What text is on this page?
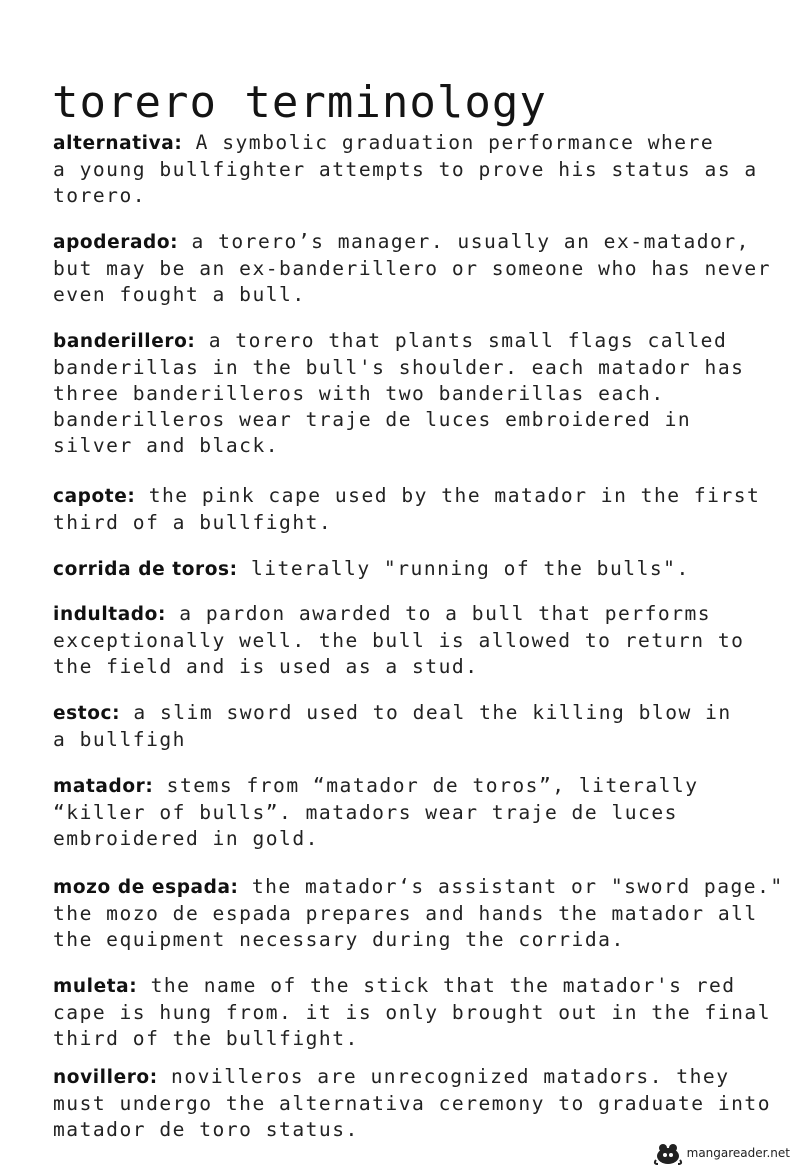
torero terminology

alternativa: A symbolic graduation performance where
a young bullfighter attempts to prove his status as a
torero.

apoderado: a torero’s manager. usually an ex-matador,
but may be an ex-banderillero or someone who has never
even fought a bull.

banderillero: a torero that plants small flags called
banderillas in the bull's shoulder. each matador has
three banderilleros with two banderillas each.
banderilleros wear traje de luces embroidered in
silver and black.

capote: the pink cape used by the matador in the first
third of a bullfight.

corrida de toros: literally "running of the bulls".

indultado: a pardon awarded to a bull that performs
exceptionally well. the bull is allowed to return to
the field and is used as a stud.

estoc: a slim sword used to deal the killing blow in
a bullfigh

matador: stems from “matador de toros”, literally
“killer of bulls”. matadors wear traje de luces
embroidered in gold.

mozo de espada: the matador‘s assistant or "sword page."
the mozo de espada prepares and hands the matador all
the equipment necessary during the corrida.

muleta: the name of the stick that the matador's red
cape is hung from. it is only brought out in the final
third of the bullfight.

novillero: novilleros are unrecognized matadors. they
must undergo the alternativa ceremony to graduate into
matador de toro status.

mangareader.net
